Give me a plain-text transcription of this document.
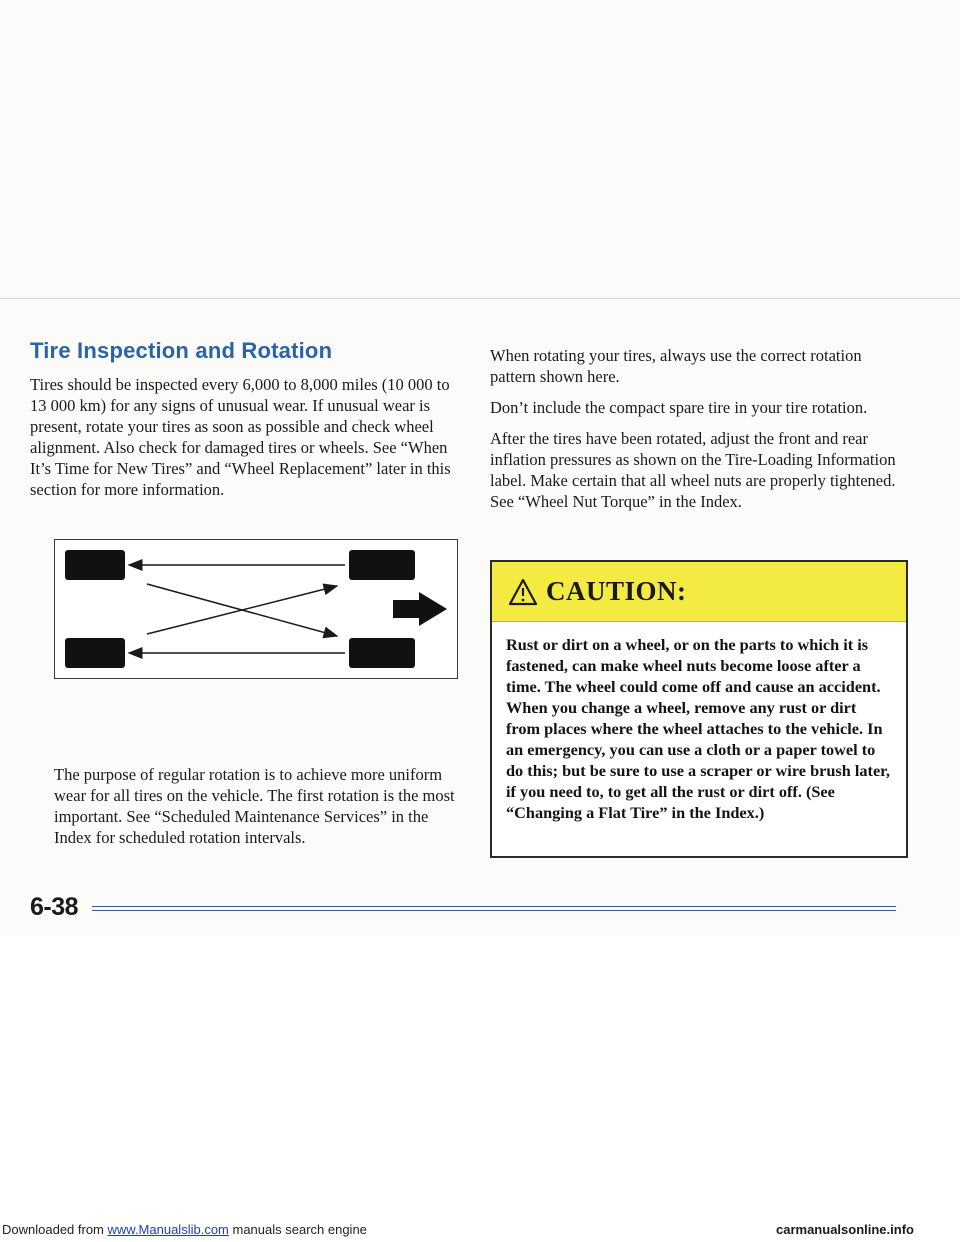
Tire Inspection and Rotation

Tires should be inspected every 6,000 to 8,000 miles (10 000 to 13 000 km) for any signs of unusual wear. If unusual wear is present, rotate your tires as soon as possible and check wheel alignment. Also check for damaged tires or wheels. See “When It’s Time for New Tires” and “Wheel Replacement” later in this section for more information.

The purpose of regular rotation is to achieve more uniform wear for all tires on the vehicle. The first rotation is the most important. See “Scheduled Maintenance Services” in the Index for scheduled rotation intervals.

When rotating your tires, always use the correct rotation pattern shown here.

Don’t include the compact spare tire in your tire rotation.

After the tires have been rotated, adjust the front and rear inflation pressures as shown on the Tire-Loading Information label. Make certain that all wheel nuts are properly tightened. See “Wheel Nut Torque” in the Index.

CAUTION:

Rust or dirt on a wheel, or on the parts to which it is fastened, can make wheel nuts become loose after a time. The wheel could come off and cause an accident. When you change a wheel, remove any rust or dirt from places where the wheel attaches to the vehicle. In an emergency, you can use a cloth or a paper towel to do this; but be sure to use a scraper or wire brush later, if you need to, to get all the rust or dirt off. (See “Changing a Flat Tire” in the Index.)

6-38
Downloaded from www.Manualslib.com manuals search engine	carmanualsonline.info
